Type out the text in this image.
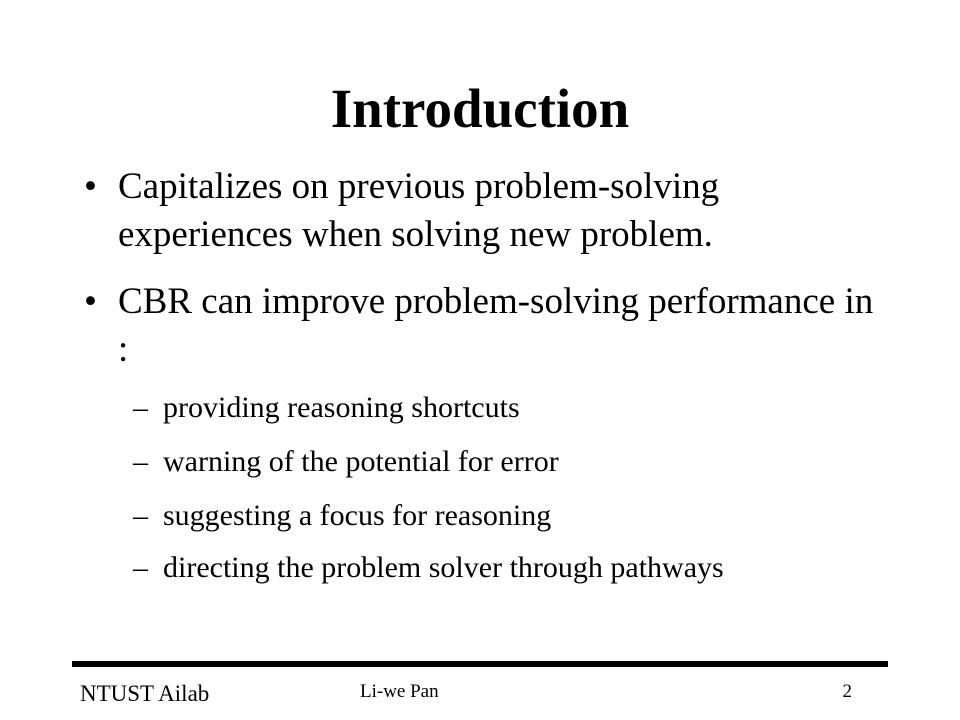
Introduction
• Capitalizes on previous problem-solving experiences when solving new problem.
• CBR can improve problem-solving performance in :
– providing reasoning shortcuts
– warning of the potential for error
– suggesting a focus for reasoning
– directing the problem solver through pathways
NTUST Ailab	Li-we Pan	2
